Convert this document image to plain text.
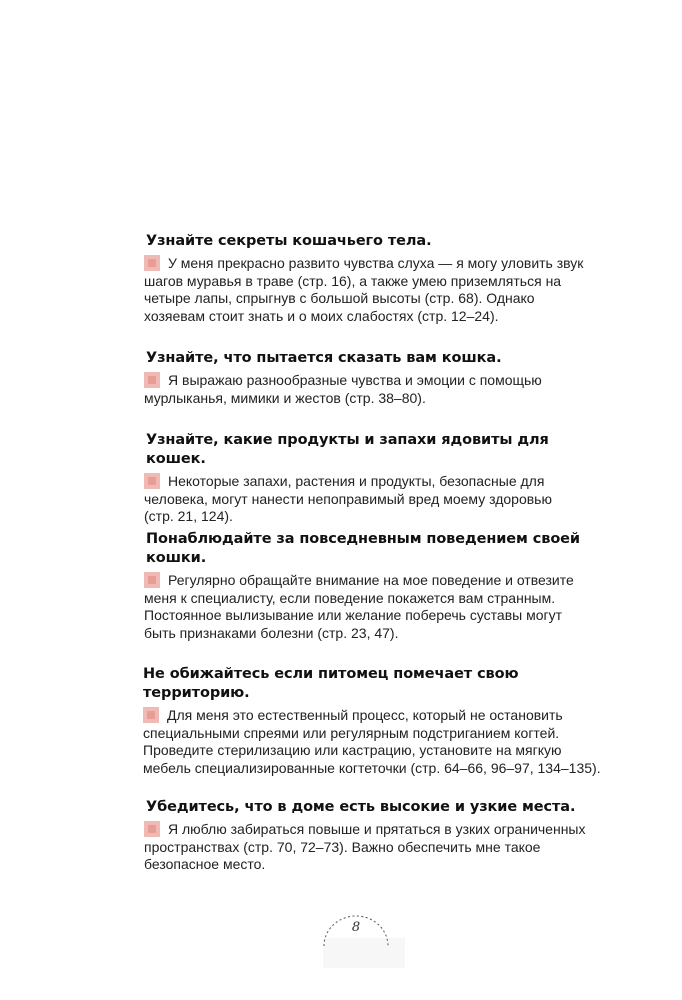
Узнайте секреты кошачьего тела.

У меня прекрасно развито чувства слуха — я могу уловить звук шагов муравья в траве (стр. 16), а также умею приземляться на четыре лапы, спрыгнув с большой высоты (стр. 68). Однако хозяевам стоит знать и о моих слабостях (стр. 12–24).

Узнайте, что пытается сказать вам кошка.

Я выражаю разнообразные чувства и эмоции с помощью мурлыканья, мимики и жестов (стр. 38–80).

Узнайте, какие продукты и запахи ядовиты для кошек.

Некоторые запахи, растения и продукты, безопасные для человека, могут нанести непоправимый вред моему здоровью (стр. 21, 124).

Понаблюдайте за повседневным поведением своей кошки.

Регулярно обращайте внимание на мое поведение и отвезите меня к специалисту, если поведение покажется вам странным. Постоянное вылизывание или желание поберечь суставы могут быть признаками болезни (стр. 23, 47).

Не обижайтесь если питомец помечает свою территорию.

Для меня это естественный процесс, который не остановить специальными спреями или регулярным подстриганием когтей. Проведите стерилизацию или кастрацию, установите на мягкую мебель специализированные когтеточки (стр. 64–66, 96–97, 134–135).

Убедитесь, что в доме есть высокие и узкие места.

Я люблю забираться повыше и прятаться в узких ограниченных пространствах (стр. 70, 72–73). Важно обеспечить мне такое безопасное место.

8
